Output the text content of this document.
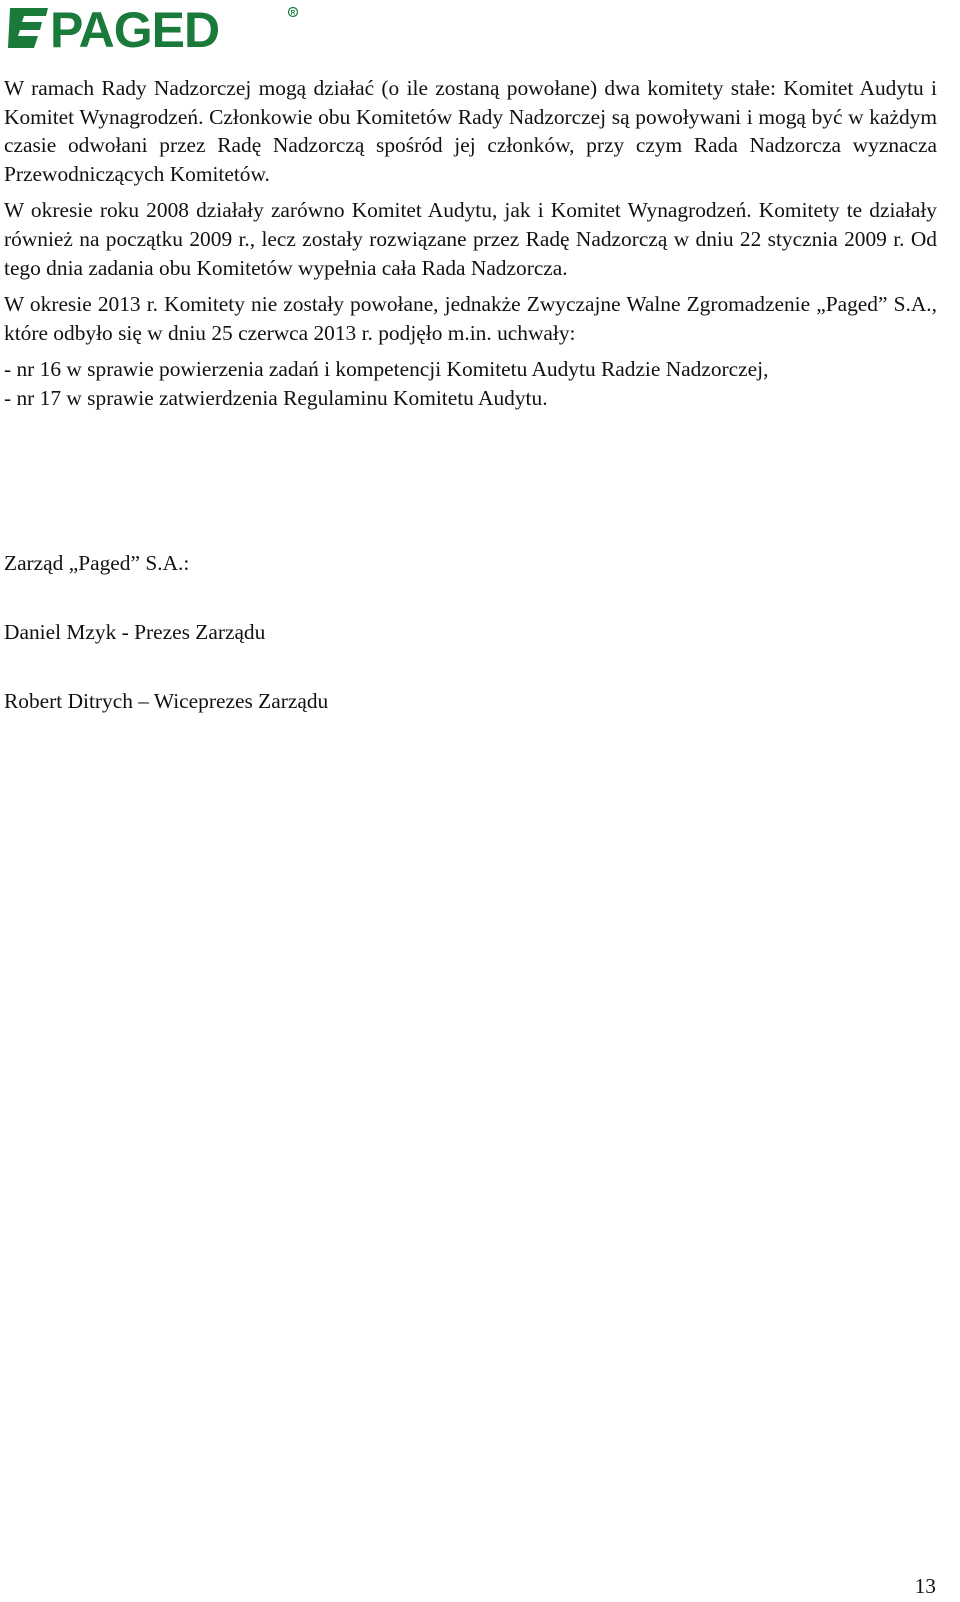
PAGED	R

W ramach Rady Nadzorczej mogą działać (o ile zostaną powołane) dwa komitety stałe: Komitet Audytu i Komitet Wynagrodzeń. Członkowie obu Komitetów Rady Nadzorczej są powoływani i mogą być w każdym czasie odwołani przez Radę Nadzorczą spośród jej członków, przy czym Rada Nadzorcza wyznacza Przewodniczących Komitetów.

W okresie roku 2008 działały zarówno Komitet Audytu, jak i Komitet Wynagrodzeń. Komitety te działały również na początku 2009 r., lecz zostały rozwiązane przez Radę Nadzorczą w dniu 22 stycznia 2009 r. Od tego dnia zadania obu Komitetów wypełnia cała Rada Nadzorcza.

W okresie 2013 r. Komitety nie zostały powołane, jednakże Zwyczajne Walne Zgromadzenie „Paged” S.A., które odbyło się w dniu 25 czerwca 2013 r. podjęło m.in. uchwały:

- nr 16 w sprawie powierzenia zadań i kompetencji Komitetu Audytu Radzie Nadzorczej,
- nr 17 w sprawie zatwierdzenia Regulaminu Komitetu Audytu.
Zarząd „Paged” S.A.:
Daniel Mzyk - Prezes Zarządu
Robert Ditrych – Wiceprezes Zarządu
13
